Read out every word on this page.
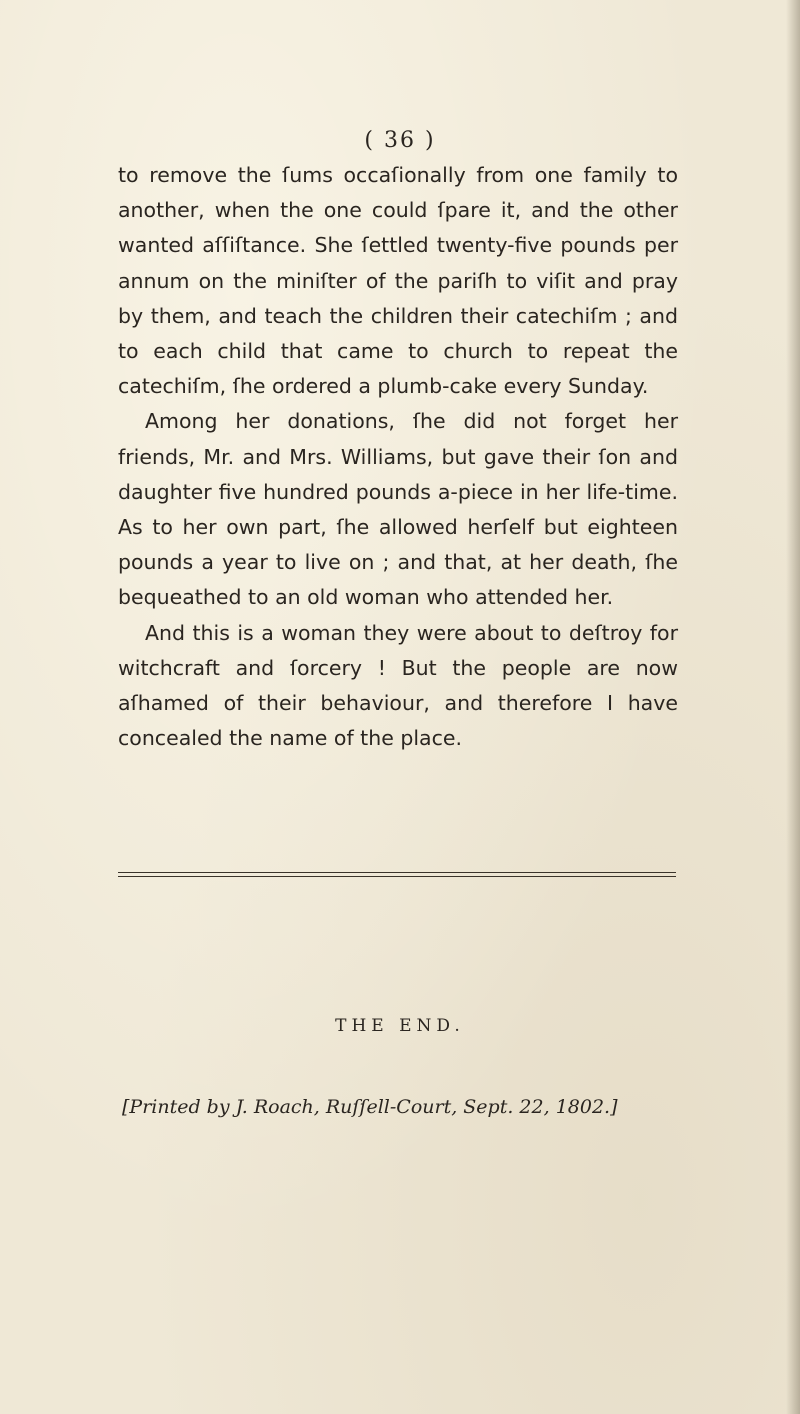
( 36 )

to remove the ſums occaſionally from one family to another, when the one could ſpare it, and the other wanted aſſiſtance. She ſettled twenty-five pounds per annum on the miniſter of the pariſh to viſit and pray by them, and teach the children their catechiſm ; and to each child that came to church to repeat the catechiſm, ſhe ordered a plumb-cake every Sunday.

Among her donations, ſhe did not forget her friends, Mr. and Mrs. Williams, but gave their ſon and daughter five hundred pounds a-piece in her life-time. As to her own part, ſhe allowed herſelf but eighteen pounds a year to live on ; and that, at her death, ſhe bequeathed to an old woman who attended her.

And this is a woman they were about to deſtroy for witchcraft and ſorcery ! But the people are now aſhamed of their behaviour, and therefore I have concealed the name of the place.

THE END.
[Printed by J. Roach, Ruſſell-Court, Sept. 22, 1802.]
